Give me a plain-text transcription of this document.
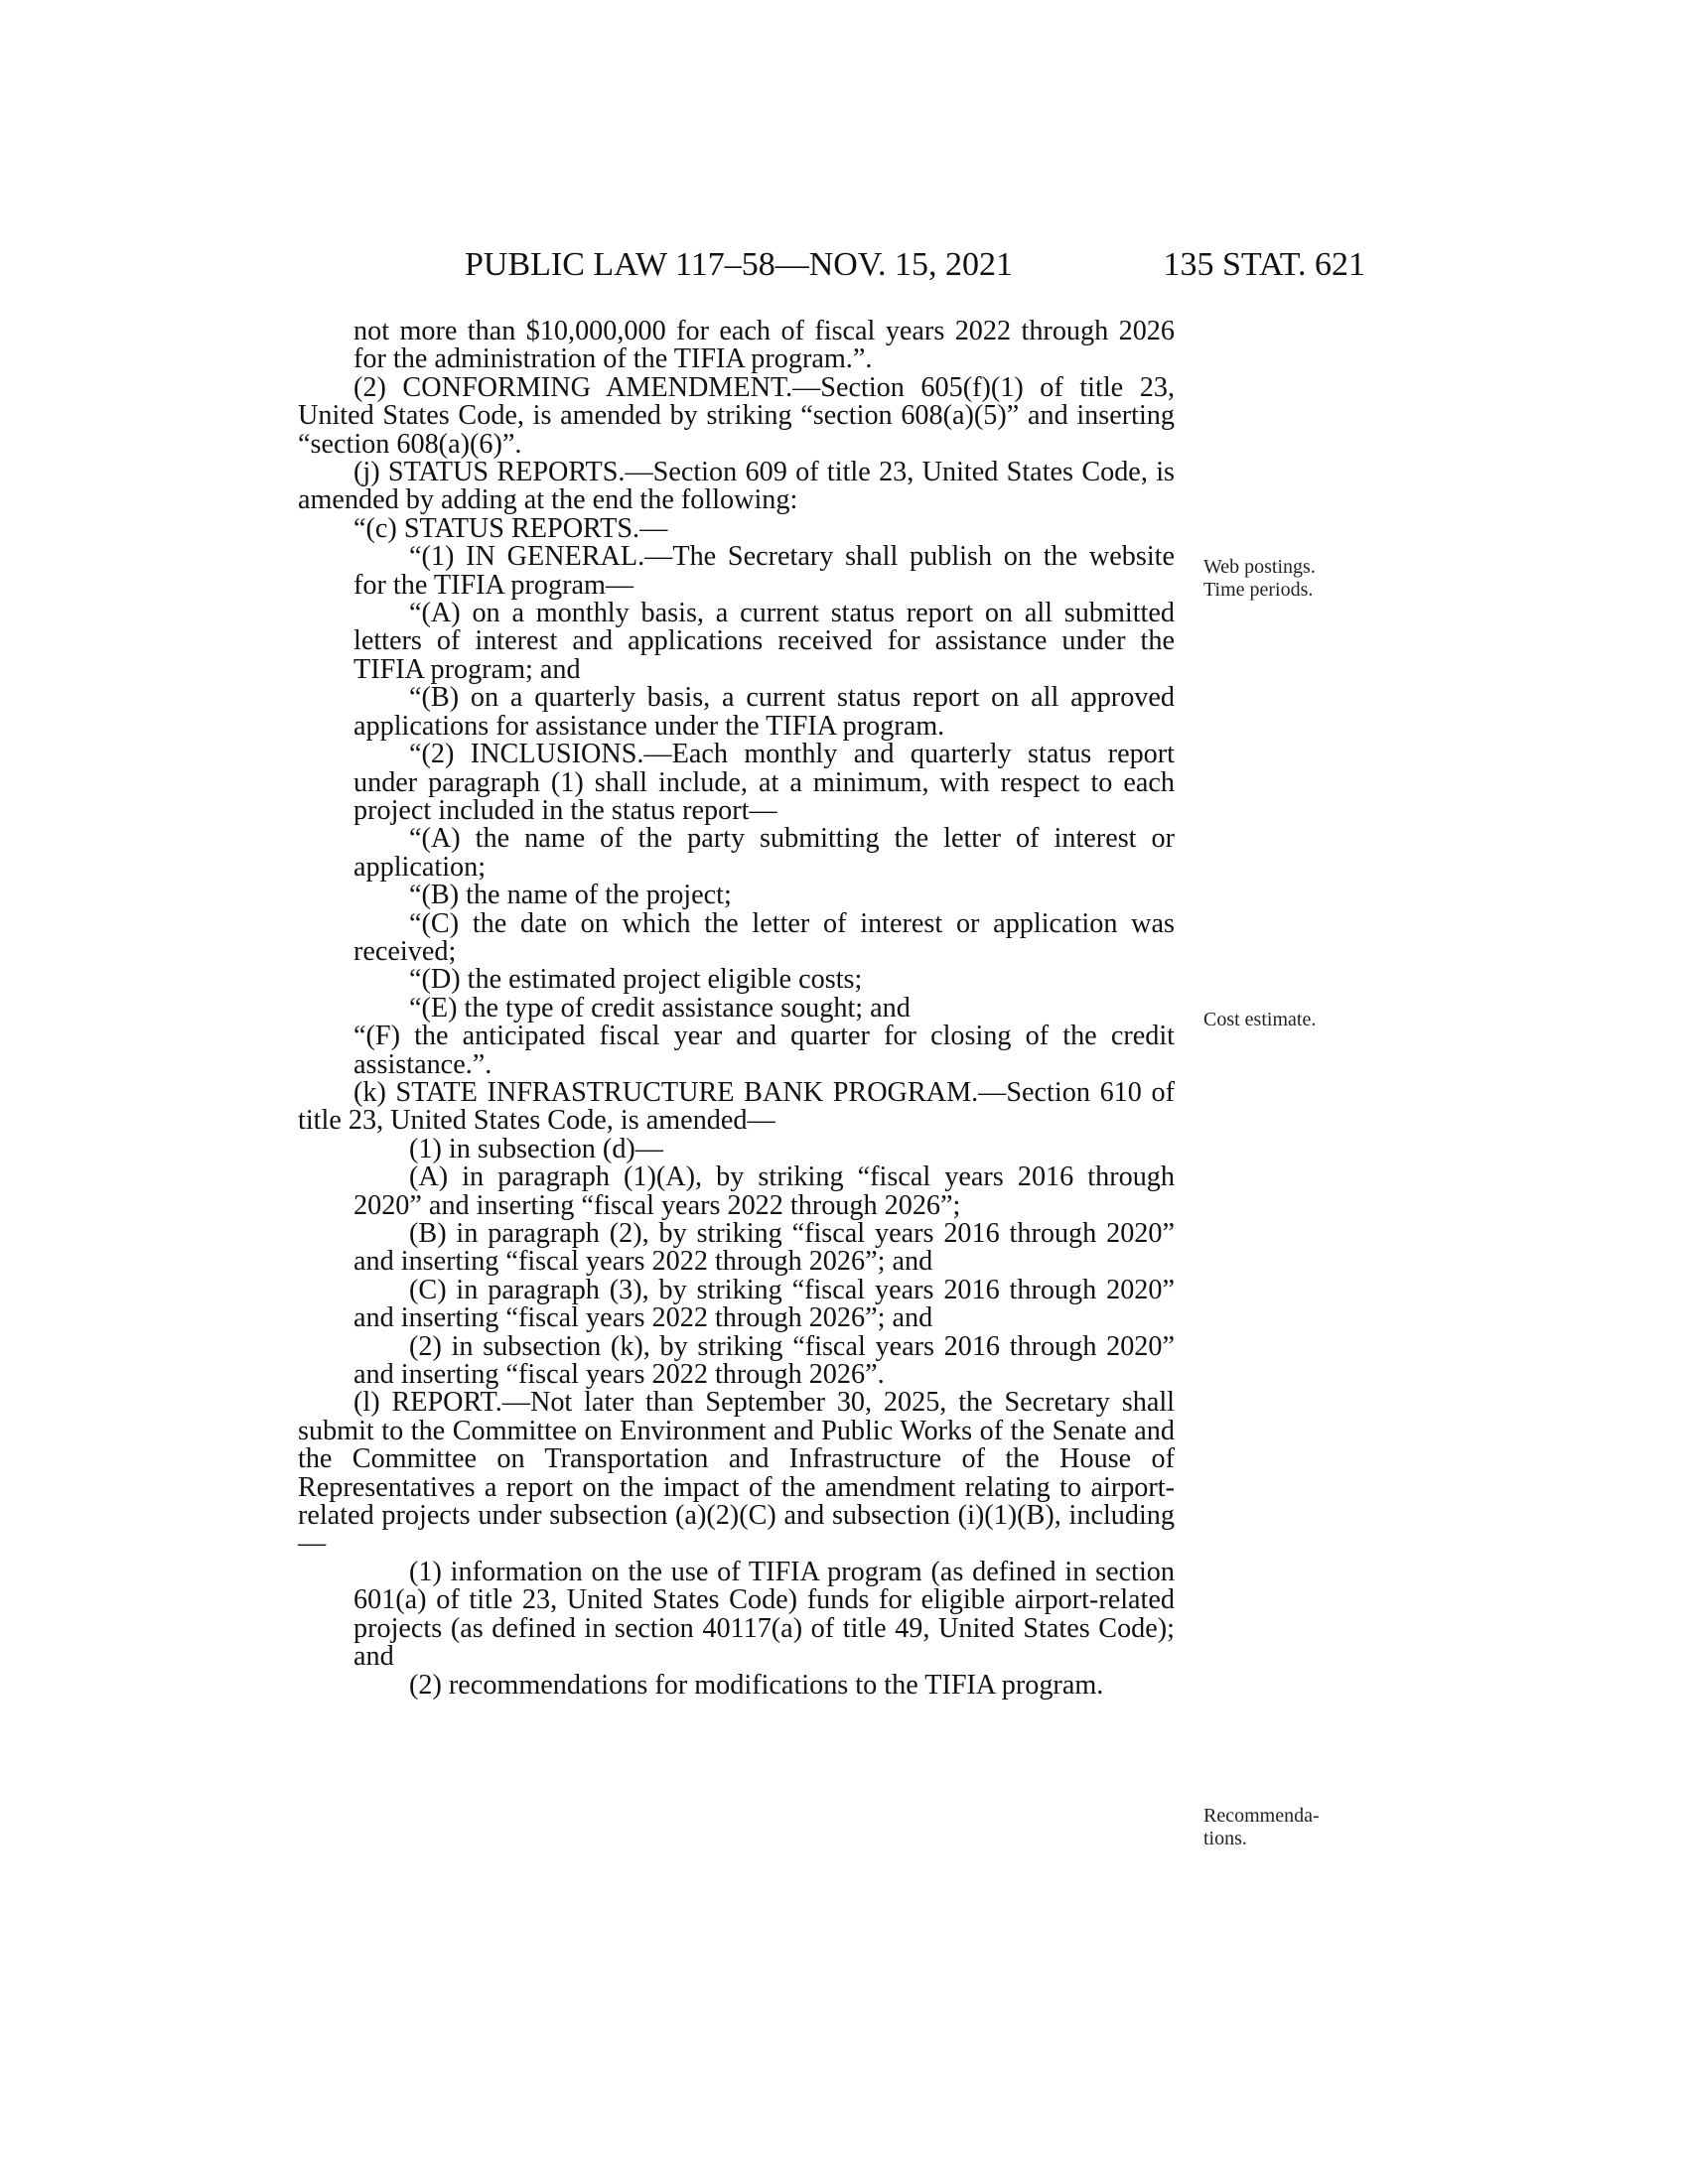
PUBLIC LAW 117–58—NOV. 15, 2021	135 STAT. 621

not more than $10,000,000 for each of fiscal years 2022 through 2026 for the administration of the TIFIA program.”.

(2) CONFORMING AMENDMENT.—Section 605(f)(1) of title 23, United States Code, is amended by striking “section 608(a)(5)” and inserting “section 608(a)(6)”.

(j) STATUS REPORTS.—Section 609 of title 23, United States Code, is amended by adding at the end the following:

“(c) STATUS REPORTS.—

“(1) IN GENERAL.—The Secretary shall publish on the website for the TIFIA program—

“(A) on a monthly basis, a current status report on all submitted letters of interest and applications received for assistance under the TIFIA program; and

“(B) on a quarterly basis, a current status report on all approved applications for assistance under the TIFIA program.

“(2) INCLUSIONS.—Each monthly and quarterly status report under paragraph (1) shall include, at a minimum, with respect to each project included in the status report—

“(A) the name of the party submitting the letter of interest or application;

“(B) the name of the project;

“(C) the date on which the letter of interest or application was received;

“(D) the estimated project eligible costs;

“(E) the type of credit assistance sought; and

“(F) the anticipated fiscal year and quarter for closing of the credit assistance.”.

(k) STATE INFRASTRUCTURE BANK PROGRAM.—Section 610 of title 23, United States Code, is amended—

(1) in subsection (d)—

(A) in paragraph (1)(A), by striking “fiscal years 2016 through 2020” and inserting “fiscal years 2022 through 2026”;

(B) in paragraph (2), by striking “fiscal years 2016 through 2020” and inserting “fiscal years 2022 through 2026”; and

(C) in paragraph (3), by striking “fiscal years 2016 through 2020” and inserting “fiscal years 2022 through 2026”; and

(2) in subsection (k), by striking “fiscal years 2016 through 2020” and inserting “fiscal years 2022 through 2026”.

(l) REPORT.—Not later than September 30, 2025, the Secretary shall submit to the Committee on Environment and Public Works of the Senate and the Committee on Transportation and Infrastructure of the House of Representatives a report on the impact of the amendment relating to airport-related projects under subsection (a)(2)(C) and subsection (i)(1)(B), including—

(1) information on the use of TIFIA program (as defined in section 601(a) of title 23, United States Code) funds for eligible airport-related projects (as defined in section 40117(a) of title 49, United States Code); and

(2) recommendations for modifications to the TIFIA program.

Web postings.
Time periods.
Cost estimate.
Recommenda-
tions.
